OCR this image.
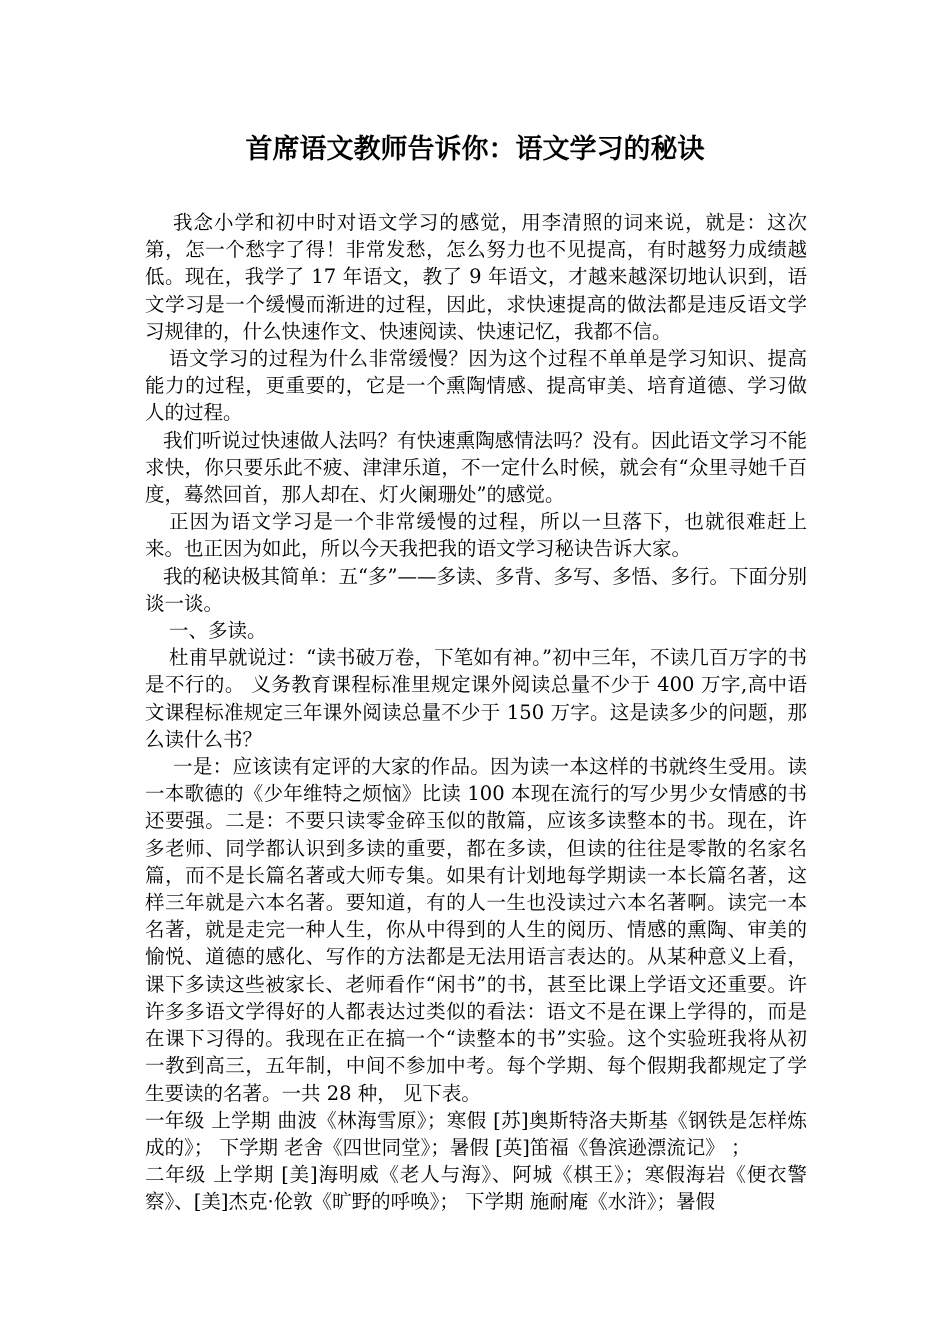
首席语文教师告诉你：语文学习的秘诀

我念小学和初中时对语文学习的感觉，用李清照的词来说，就是：这次第，怎一个愁字了得！非常发愁，怎么努力也不见提高，有时越努力成绩越低。现在，我学了 17 年语文，教了 9 年语文，才越来越深切地认识到，语文学习是一个缓慢而渐进的过程，因此，求快速提高的做法都是违反语文学习规律的，什么快速作文、快速阅读、快速记忆，我都不信。

语文学习的过程为什么非常缓慢？因为这个过程不单单是学习知识、提高能力的过程，更重要的，它是一个熏陶情感、提高审美、培育道德、学习做人的过程。

我们听说过快速做人法吗？有快速熏陶感情法吗？没有。因此语文学习不能求快，你只要乐此不疲、津津乐道，不一定什么时候，就会有“众里寻她千百度，蓦然回首，那人却在、灯火阑珊处”的感觉。

正因为语文学习是一个非常缓慢的过程，所以一旦落下，也就很难赶上来。也正因为如此，所以今天我把我的语文学习秘诀告诉大家。

我的秘诀极其简单：五“多”——多读、多背、多写、多悟、多行。下面分别谈一谈。

一、多读。

杜甫早就说过：“读书破万卷，下笔如有神。”初中三年，不读几百万字的书是不行的。 义务教育课程标准里规定课外阅读总量不少于 400 万字,高中语文课程标准规定三年课外阅读总量不少于 150 万字。这是读多少的问题，那么读什么书？

一是：应该读有定评的大家的作品。因为读一本这样的书就终生受用。读一本歌德的《少年维特之烦恼》比读 100 本现在流行的写少男少女情感的书还要强。二是：不要只读零金碎玉似的散篇，应该多读整本的书。现在，许多老师、同学都认识到多读的重要，都在多读，但读的往往是零散的名家名篇，而不是长篇名著或大师专集。如果有计划地每学期读一本长篇名著，这样三年就是六本名著。要知道，有的人一生也没读过六本名著啊。读完一本名著，就是走完一种人生，你从中得到的人生的阅历、情感的熏陶、审美的愉悦、道德的感化、写作的方法都是无法用语言表达的。从某种意义上看，课下多读这些被家长、老师看作“闲书”的书，甚至比课上学语文还重要。许许多多语文学得好的人都表达过类似的看法：语文不是在课上学得的，而是在课下习得的。我现在正在搞一个“读整本的书”实验。这个实验班我将从初一教到高三，五年制，中间不参加中考。每个学期、每个假期我都规定了学生要读的名著。一共 28 种， 见下表。

一年级 上学期 曲波《林海雪原》；寒假 [苏]奥斯特洛夫斯基《钢铁是怎样炼成的》； 下学期 老舍《四世同堂》；暑假 [英]笛福《鲁滨逊漂流记》 ；

二年级 上学期 [美]海明威《老人与海》、阿城《棋王》；寒假海岩《便衣警察》、[美]杰克·伦敦《旷野的呼唤》； 下学期 施耐庵《水浒》；暑假
